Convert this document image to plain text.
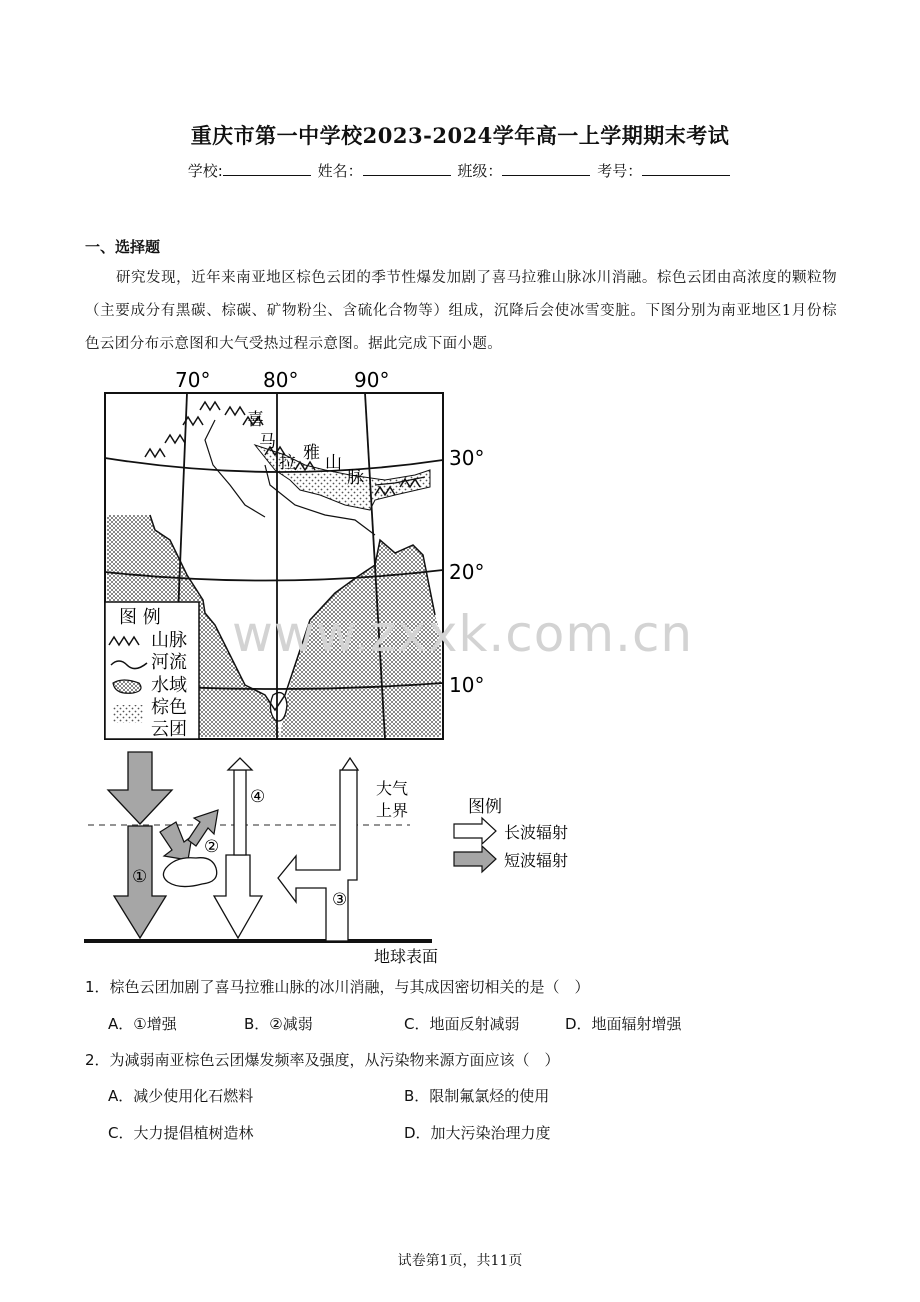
重庆市第一中学校2023-2024学年高一上学期期末考试
学校:	姓名：	班级：	考号：
一、选择题
研究发现，近年来南亚地区棕色云团的季节性爆发加剧了喜马拉雅山脉冰川消融。棕色云团由高浓度的颗粒物（主要成分有黑碳、棕碳、矿物粉尘、含硫化合物等）组成，沉降后会使冰雪变脏。下图分别为南亚地区1月份棕色云团分布示意图和大气受热过程示意图。据此完成下面小题。
70°	80°	90°
喜
马
拉 雅 山
脉
30°
20°
10°
图 例
山脉
河流
水域
棕色
云团
①
②
④
③
大气
上界	图例
长波辐射
短波辐射
地球表面
www.zxxk.com.cn
1．棕色云团加剧了喜马拉雅山脉的冰川消融，与其成因密切相关的是（　）
A．①增强	B．②减弱	C．地面反射减弱	D．地面辐射增强
2．为减弱南亚棕色云团爆发频率及强度，从污染物来源方面应该（　）
A．减少使用化石燃料	B．限制氟氯烃的使用
C．大力提倡植树造林	D．加大污染治理力度
试卷第1页，共11页
